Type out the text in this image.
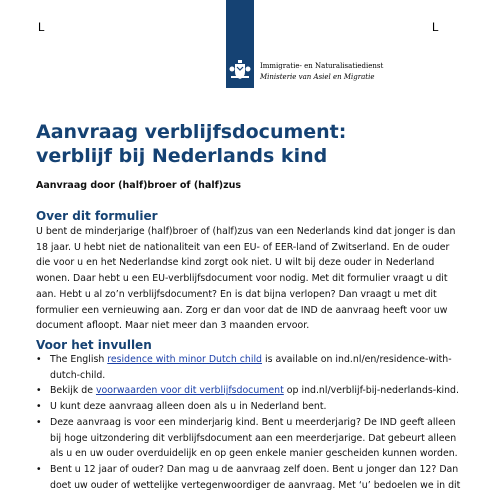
L	L
Immigratie- en Naturalisatiedienst
Ministerie van Asiel en Migratie
Aanvraag verblijfsdocument:
verblijf bij Nederlands kind
Aanvraag door (half)broer of (half)zus
Over dit formulier

U bent de minderjarige (half)broer of (half)zus van een Nederlands kind dat jonger is dan
18 jaar. U hebt niet de nationaliteit van een EU- of EER-land of Zwitserland. En de ouder
die voor u en het Nederlandse kind zorgt ook niet. U wilt bij deze ouder in Nederland
wonen. Daar hebt u een EU-verblijfsdocument voor nodig. Met dit formulier vraagt u dit
aan. Hebt u al zo’n verblijfsdocument? En is dat bijna verlopen? Dan vraagt u met dit
formulier een vernieuwing aan. Zorg er dan voor dat de IND de aanvraag heeft voor uw
document afloopt. Maar niet meer dan 3 maanden ervoor.

Voor het invullen
• The English residence with minor Dutch child is available on ind.nl/en/residence-with-
dutch-child.
• Bekijk de voorwaarden voor dit verblijfsdocument op ind.nl/verblijf-bij-nederlands-kind.
• U kunt deze aanvraag alleen doen als u in Nederland bent.
• Deze aanvraag is voor een minderjarig kind. Bent u meerderjarig? De IND geeft alleen
bij hoge uitzondering dit verblijfsdocument aan een meerderjarige. Dat gebeurt alleen
als u en uw ouder overduidelijk en op geen enkele manier gescheiden kunnen worden.
• Bent u 12 jaar of ouder? Dan mag u de aanvraag zelf doen. Bent u jonger dan 12? Dan
doet uw ouder of wettelijke vertegenwoordiger de aanvraag. Met ‘u’ bedoelen we in dit
